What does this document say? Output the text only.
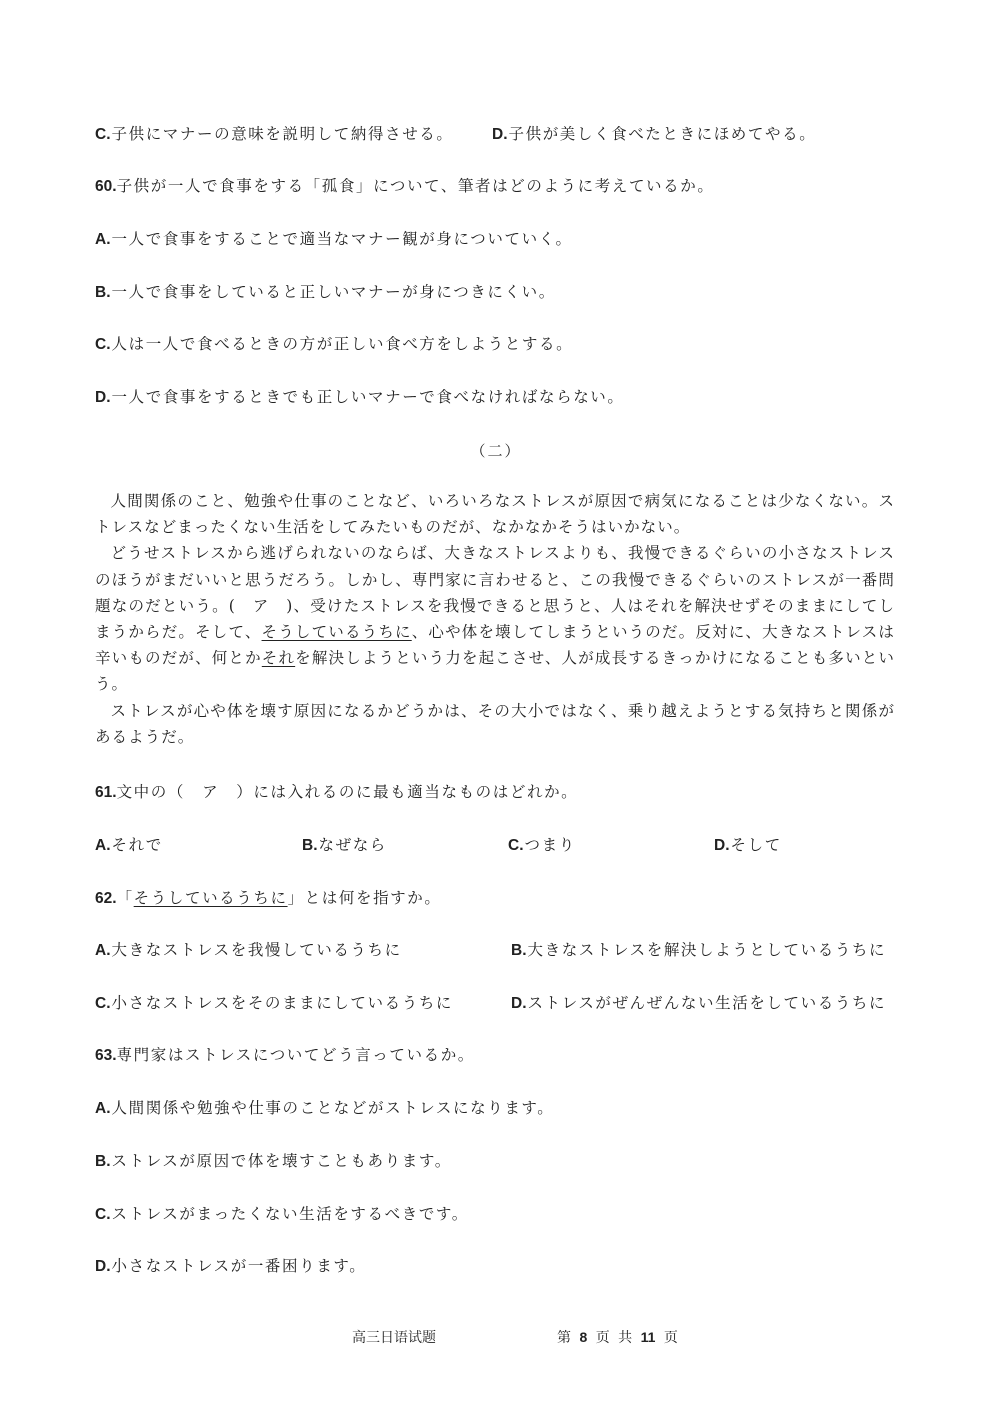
C.子供にマナーの意味を説明して納得させる。 D.子供が美しく食べたときにほめてやる。
60.子供が一人で食事をする「孤食」について、筆者はどのように考えているか。
A.一人で食事をすることで適当なマナー観が身についていく。
B.一人で食事をしていると正しいマナーが身につきにくい。
C.人は一人で食べるときの方が正しい食べ方をしようとする。
D.一人で食事をするときでも正しいマナーで食べなければならない。
（二）

人間関係のこと、勉強や仕事のことなど、いろいろなストレスが原因で病気になることは少なくない。ストレスなどまったくない生活をしてみたいものだが、なかなかそうはいかない。

どうせストレスから逃げられないのならば、大きなストレスよりも、我慢できるぐらいの小さなストレスのほうがまだいいと思うだろう。しかし、専門家に言わせると、この我慢できるぐらいのストレスが一番問題なのだという。(　ア　)、受けたストレスを我慢できると思うと、人はそれを解決せずそのままにしてしまうからだ。そして、そうしているうちに、心や体を壊してしまうというのだ。反対に、大きなストレスは辛いものだが、何とかそれを解決しようという力を起こさせ、人が成長するきっかけになることも多いという。

ストレスが心や体を壊す原因になるかどうかは、その大小ではなく、乗り越えようとする気持ちと関係があるようだ。

61.文中の（　ア　）には入れるのに最も適当なものはどれか。
A.それで	B.なぜなら	C.つまり	D.そして
62.「そうしているうちに」とは何を指すか。
A.大きなストレスを我慢しているうちに	B.大きなストレスを解決しようとしているうちに
C.小さなストレスをそのままにしているうちに	D.ストレスがぜんぜんない生活をしているうちに
63.専門家はストレスについてどう言っているか。
A.人間関係や勉強や仕事のことなどがストレスになります。
B.ストレスが原因で体を壊すこともあります。
C.ストレスがまったくない生活をするべきです。
D.小さなストレスが一番困ります。
高三日语试题	第 8 页 共 11 页
